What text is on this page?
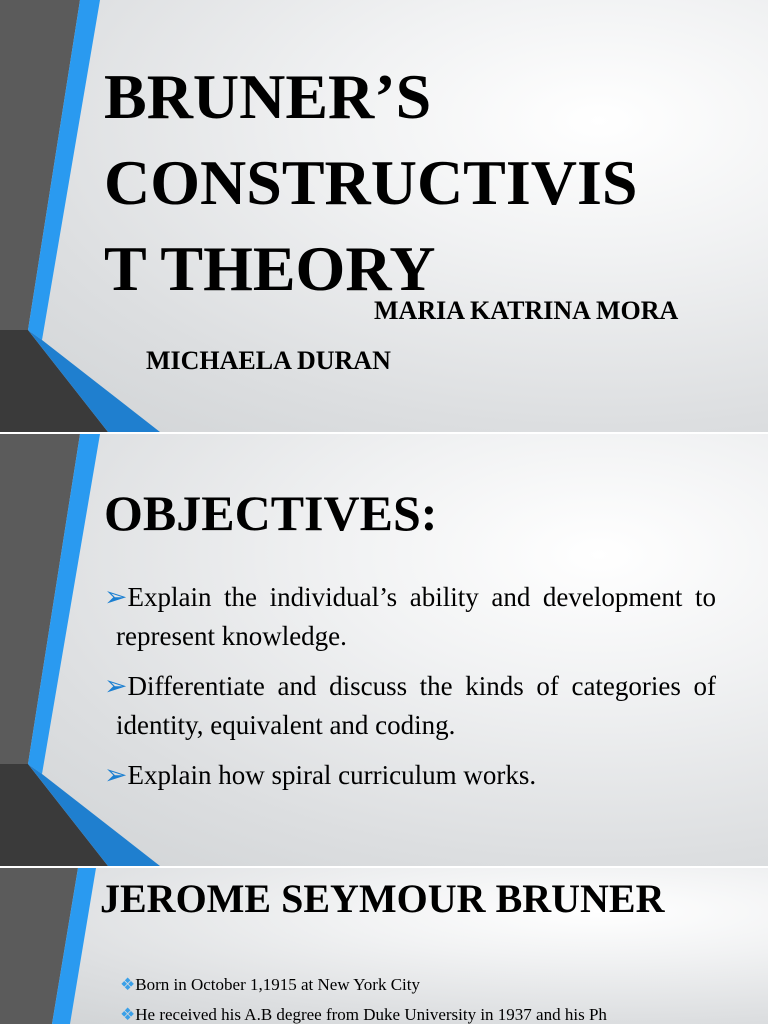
BRUNER’S
CONSTRUCTIVIS
T THEORY
MARIA KATRINA MORA
MICHAELA DURAN
OBJECTIVES:
➢Explain the individual’s ability and development to represent knowledge.
➢Differentiate and discuss the kinds of categories of identity, equivalent and coding.
➢Explain how spiral curriculum works.
JEROME SEYMOUR BRUNER
❖Born in October 1,1915 at New York City
❖He received his A.B degree from Duke University in 1937 and his Ph
